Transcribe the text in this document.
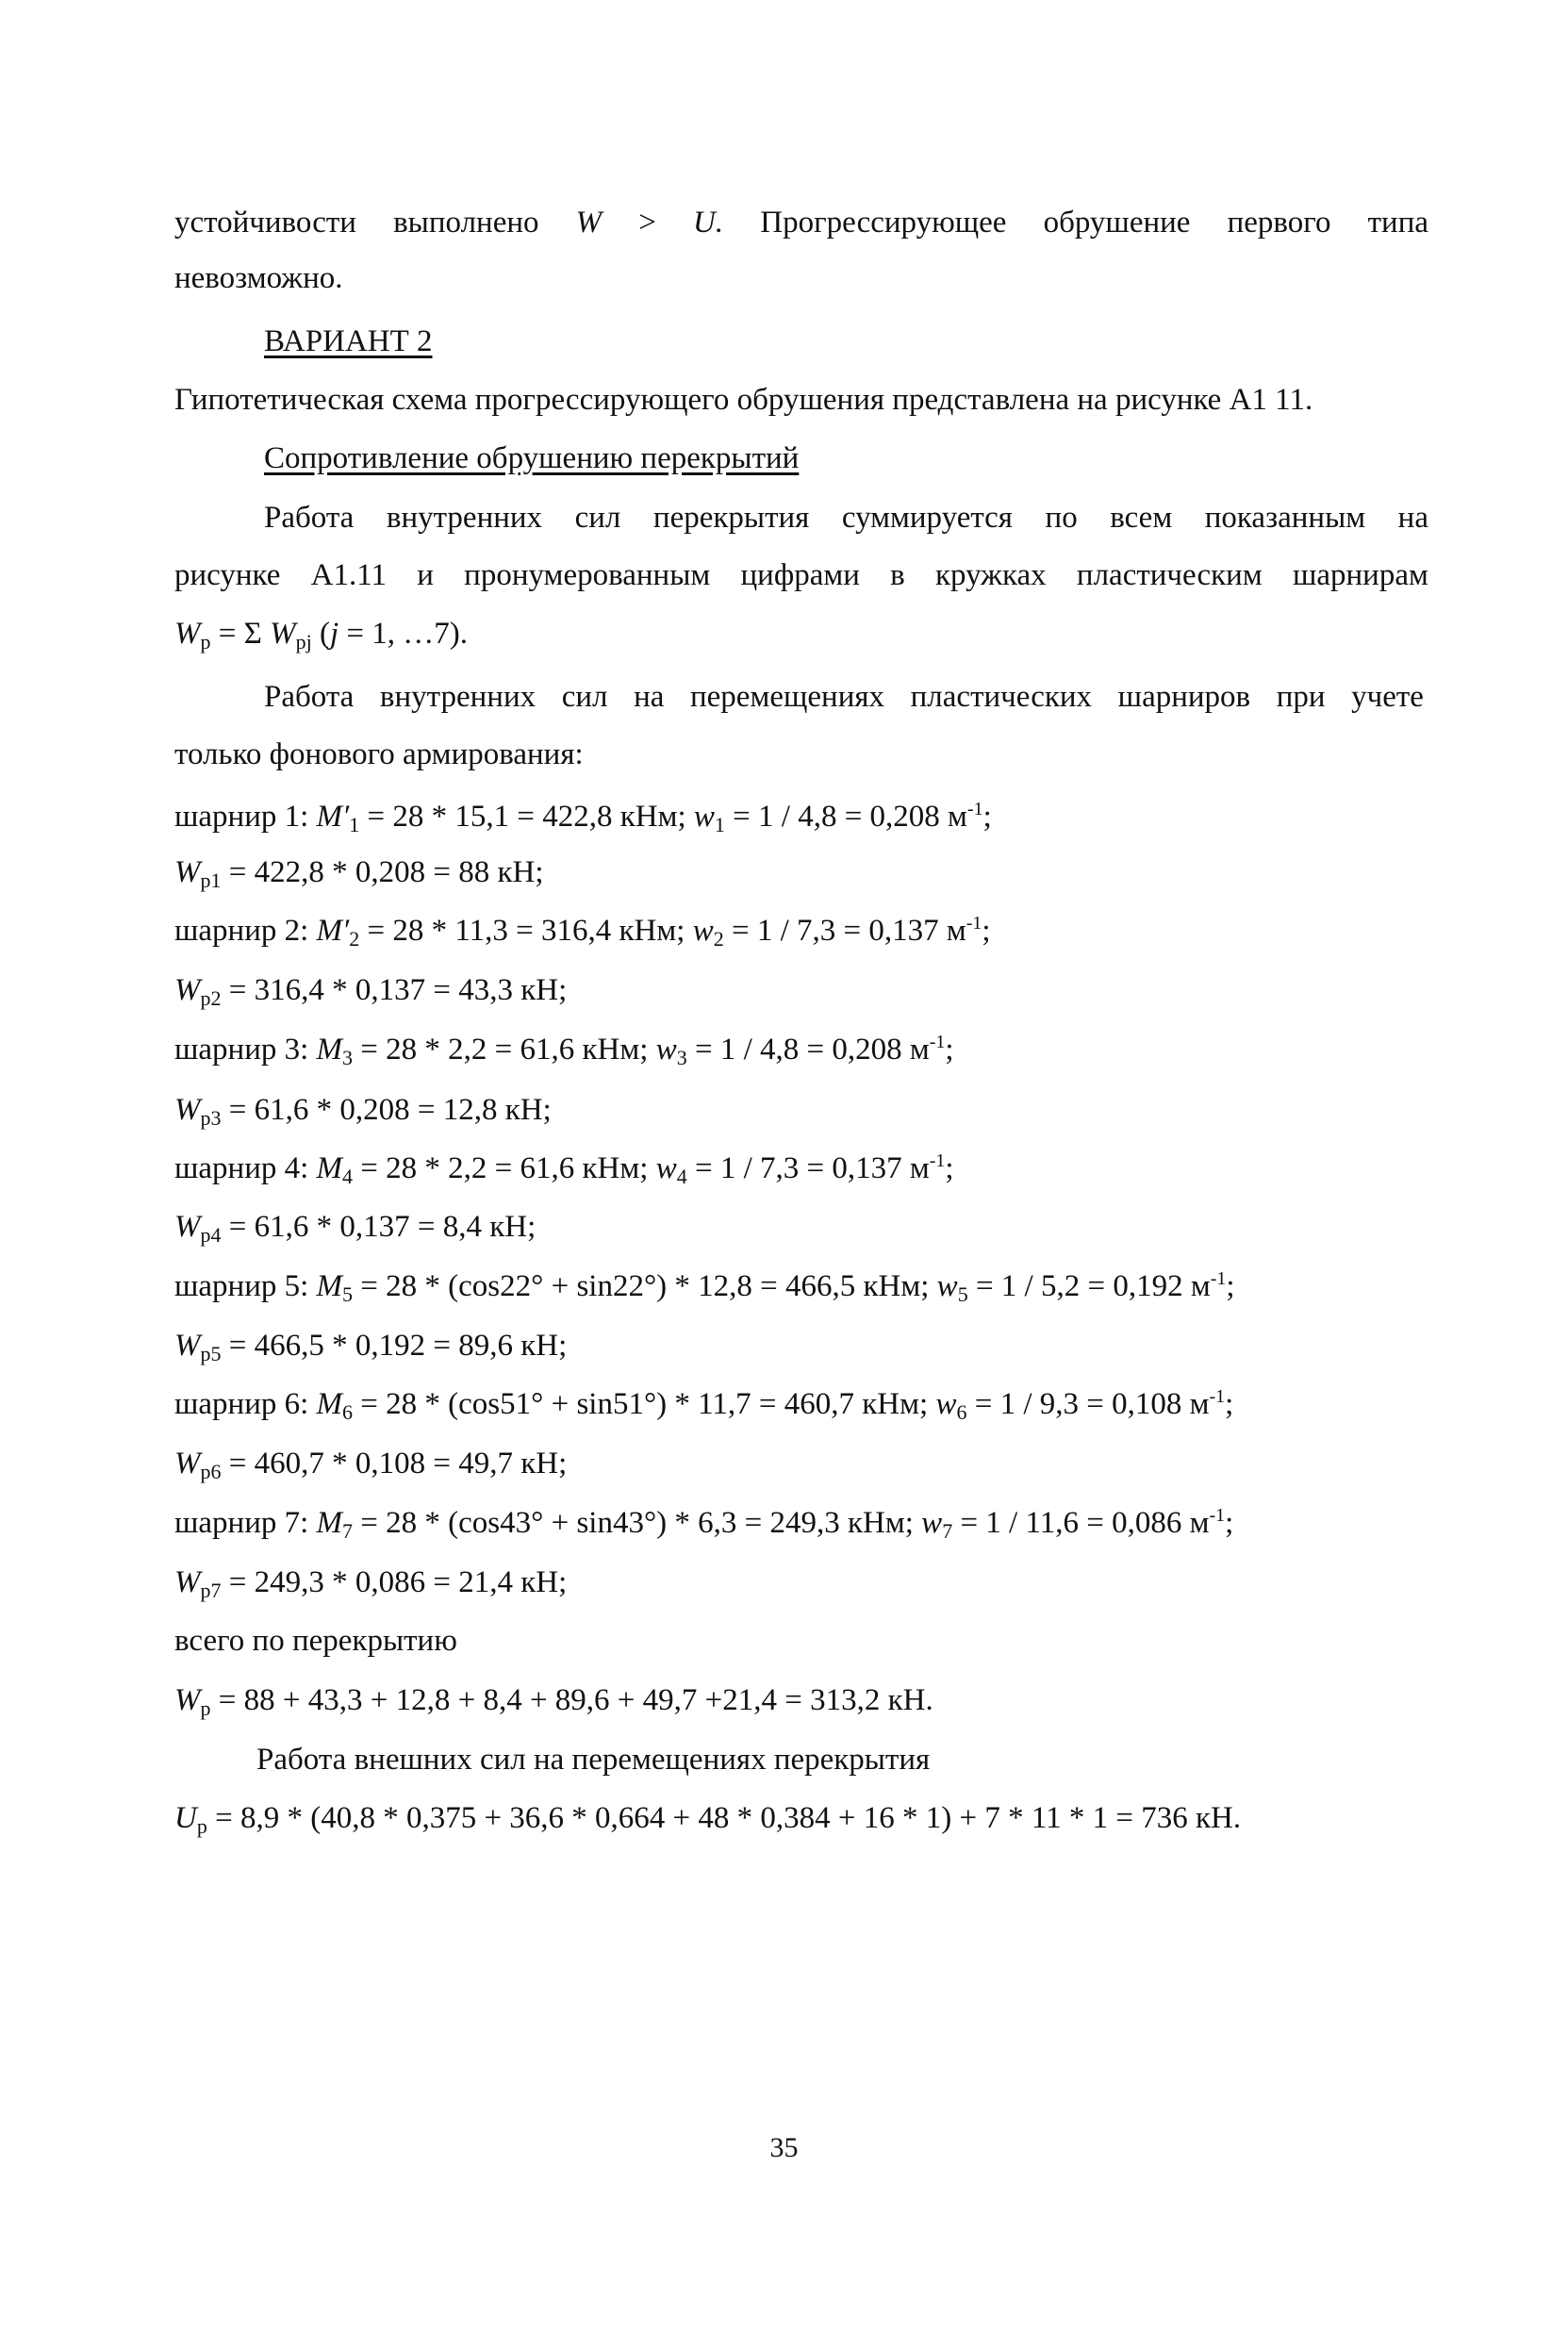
устойчивости выполнено W > U. Прогрессирующее обрушение первого типа
невозможно.
ВАРИАНТ 2
Гипотетическая схема прогрессирующего обрушения представлена на рисунке А1 11.
Сопротивление обрушению перекрытий
Работа внутренних сил перекрытия суммируется по всем показанным на
рисунке А1.11 и пронумерованным цифрами в кружках пластическим шарнирам
$W_p = \Sigma$ $W_{pj}$ (j = 1, …7).
Работа внутренних сил на перемещениях пластических шарниров при учете
только фонового армирования:
шарнир 1: $M'_1 = 28 * 15,1 = 422,8$ кНм; $w_1 = 1 / 4,8 = 0,208$ $м^{-1}$;
$W_{p1} = 422,8 * 0,208 = 88$ кН;
шарнир 2: $M'_2 = 28 * 11,3 = 316,4$ кНм; $w_2 = 1 / 7,3 = 0,137$ $м^{-1}$;
$W_{p2} = 316,4 * 0,137 = 43,3$ кН;
шарнир 3: $M_3 = 28 * 2,2 = 61,6$ кНм; $w_3 = 1 / 4,8 = 0,208$ $м^{-1}$;
$W_{p3} = 61,6 * 0,208 = 12,8$ кН;
шарнир 4: $M_4 = 28 * 2,2 = 61,6$ кНм; $w_4 = 1 / 7,3 = 0,137$ $м^{-1}$;
$W_{p4} = 61,6 * 0,137 = 8,4$ кН;
шарнир 5: $M_5 = 28 * (\cos 22^\circ + \sin 22^\circ) * 12,8 = 466,5$ кНм; $w_5 = 1 / 5,2 = 0,192$ $м^{-1}$;
$W_{p5} = 466,5 * 0,192 = 89,6$ кН;
шарнир 6: $M_6 = 28 * (\cos 51^\circ + \sin 51^\circ) * 11,7 = 460,7$ кНм; $w_6 = 1 / 9,3 = 0,108$ $м^{-1}$;
$W_{p6} = 460,7 * 0,108 = 49,7$ кН;
шарнир 7: $M_7 = 28 * (\cos 43^\circ + \sin 43^\circ) * 6,3 = 249,3$ кНм; $w_7 = 1 / 11,6 = 0,086$ $м^{-1}$;
$W_{p7} = 249,3 * 0,086 = 21,4$ кН;
всего по перекрытию
$W_p = 88 + 43,3 + 12,8 + 8,4 + 89,6 + 49,7 +21,4 = 313,2$ кН.
Работа внешних сил на перемещениях перекрытия
$U_p = 8,9 * (40,8 * 0,375 + 36,6 * 0,664 + 48 * 0,384 + 16 * 1) + 7 * 11 * 1 = 736$ кН.
35
